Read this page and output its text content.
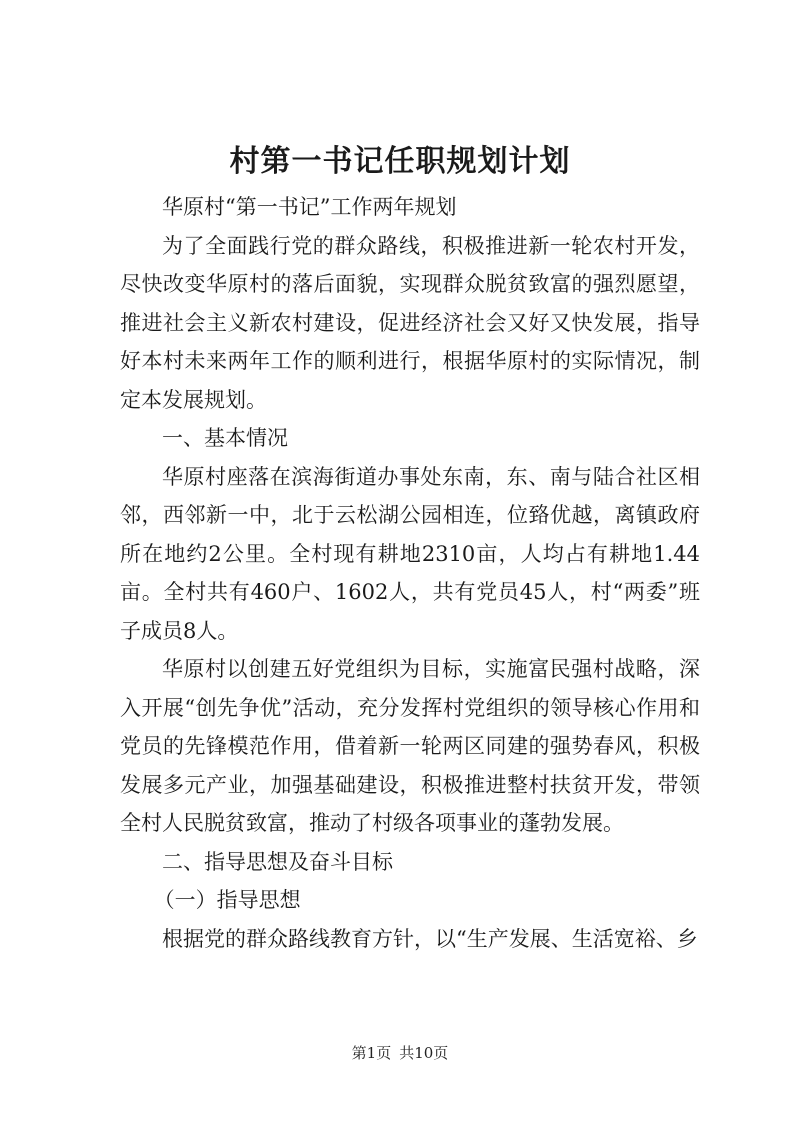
村第一书记任职规划计划

华原村“第一书记”工作两年规划

为了全面践行党的群众路线，积极推进新一轮农村开发，尽快改变华原村的落后面貌，实现群众脱贫致富的强烈愿望，推进社会主义新农村建设，促进经济社会又好又快发展，指导好本村未来两年工作的顺利进行，根据华原村的实际情况，制定本发展规划。

一、基本情况

华原村座落在滨海街道办事处东南，东、南与陆合社区相邻，西邻新一中，北于云松湖公园相连，位臵优越，离镇政府所在地约2公里。全村现有耕地2310亩，人均占有耕地1.44亩。全村共有460户、1602人，共有党员45人，村“两委”班子成员8人。

华原村以创建五好党组织为目标，实施富民强村战略，深入开展“创先争优”活动，充分发挥村党组织的领导核心作用和党员的先锋模范作用，借着新一轮两区同建的强势春风，积极发展多元产业，加强基础建设，积极推进整村扶贫开发，带领全村人民脱贫致富，推动了村级各项事业的蓬勃发展。

二、指导思想及奋斗目标

（一）指导思想

根据党的群众路线教育方针，以“生产发展、生活宽裕、乡

第1页 共10页
